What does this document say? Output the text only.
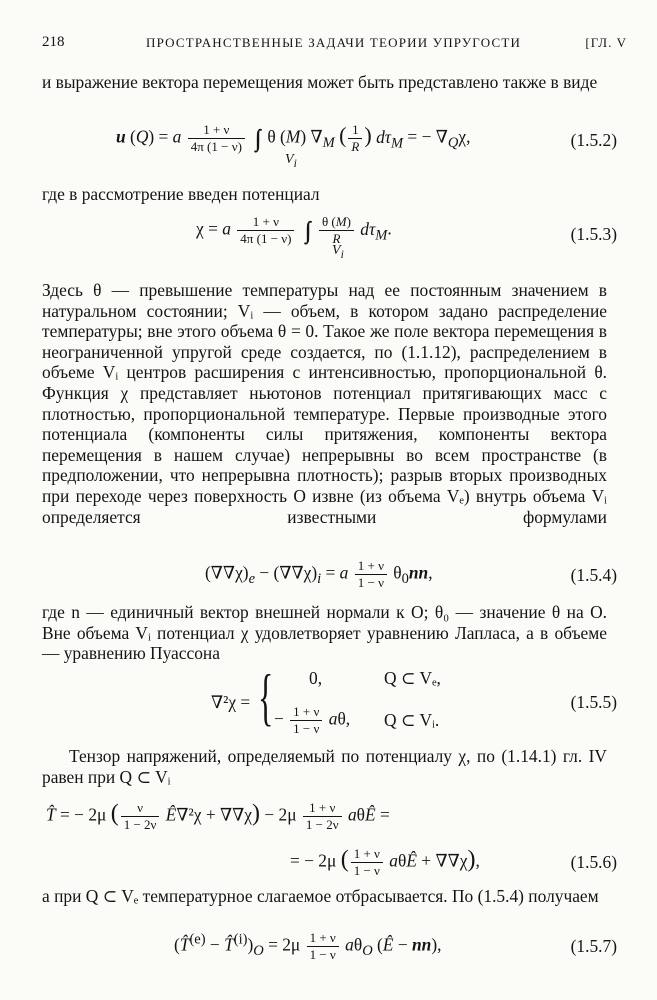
218	ПРОСТРАНСТВЕННЫЕ ЗАДАЧИ ТЕОРИИ УПРУГОСТИ	[ГЛ. V

и выражение вектора перемещения может быть представлено также в виде

u (Q) = a $\frac{1 + \nu}{4\pi (1 - \nu)}$ ∫∫∫ θ (M) $\nabla_M$ ( $\frac{1}{R}$ ) $d\tau_M$ = − $\nabla_Q\chi$,
$V_i$
(1.5.2)

где в рассмотрение введен потенциал

χ = a $\frac{1 + \nu}{4\pi (1 - \nu)}$ ∫∫∫ $\frac{\theta (M)}{R} d\tau_M$.
$V_i$
(1.5.3)

Здесь θ — превышение температуры над ее постоянным значением в натуральном состоянии; Vᵢ — объем, в котором задано распределение температуры; вне этого объема θ = 0. Такое же поле вектора перемещения в неограниченной упругой среде создается, по (1.1.12), распределением в объеме Vᵢ центров расширения с интенсивностью, пропорциональной θ. Функция χ представляет ньютонов потенциал притягивающих масс с плотностью, пропорциональной температуре. Первые производные этого потенциала (компоненты силы притяжения, компоненты вектора перемещения в нашем случае) непрерывны во всем пространстве (в предположении, что непрерывна плотность); разрыв вторых производных при переходе через поверхность O извне (из объема Vₑ) внутрь объема Vᵢ определяется известными формулами

$(\nabla\nabla\chi)_e - (\nabla\nabla\chi)_i = a \frac{1 + \nu}{1 - \nu} \theta_0nn$,	(1.5.4)

где n — единичный вектор внешней нормали к O; θ₀ — значение θ на O. Вне объема Vᵢ потенциал χ удовлетворяет уравнению Лапласа, а в объеме — уравнению Пуассона

∇²χ = { 0,	Q ⊂ Vₑ,
− $\frac{1 + \nu}{1 - \nu} a\theta$, Q ⊂ Vᵢ.
(1.5.5)

Тензор напряжений, определяемый по потенциалу χ, по (1.14.1) гл. IV равен при Q ⊂ Vᵢ

T̂ = − 2μ ( $\frac{\nu}{1 - 2\nu}$ Ê∇²χ + $\nabla\nabla\chi) - 2\mu \frac{1 + \nu}{1 - 2\nu}$ aθÊ =
= − 2μ ( $\frac{1 + \nu}{1 - \nu}$ aθÊ + ∇∇χ),	(1.5.6)

а при Q ⊂ Vₑ температурное слагаемое отбрасывается. По (1.5.4) получаем

(T̂$^{(e)}$ − $T̂^{(i)})_O = 2\mu \frac{1 + \nu}{1 - \nu} a\theta_O$ (Ê − nn),	(1.5.7)
